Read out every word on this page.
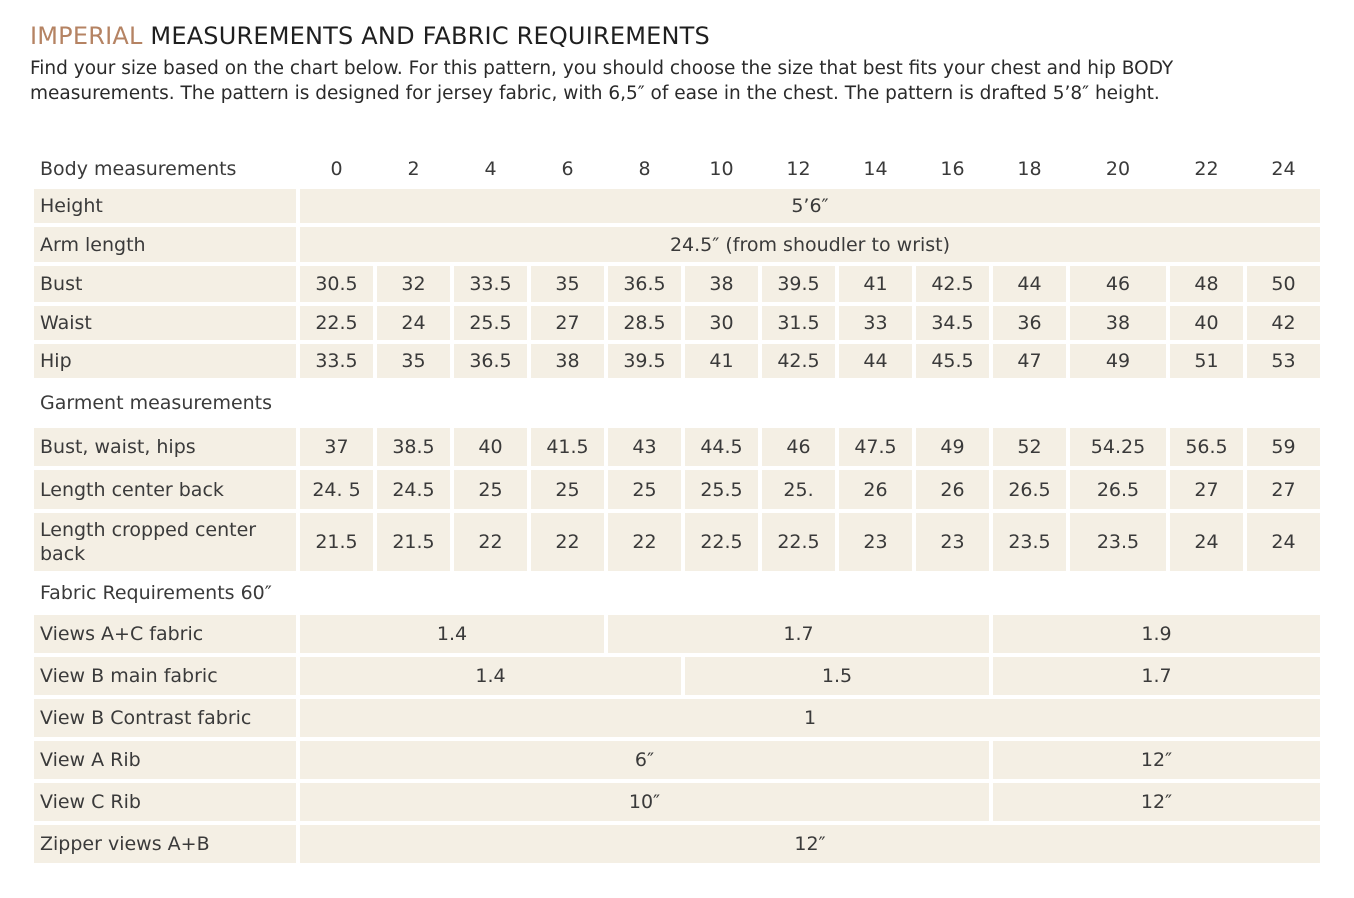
IMPERIAL MEASUREMENTS AND FABRIC REQUIREMENTS
Find your size based on the chart below. For this pattern, you should choose the size that best fits your chest and hip BODY measurements. The pattern is designed for jersey fabric, with 6,5″ of ease in the chest. The pattern is drafted 5’8″ height.
Body measurements	0	2	4	6	8	10	12	14	16	18	20	22	24
Height	5’6″												
Arm length	24.5″ (from shoudler to wrist)												
Bust	30.5	32	33.5	35	36.5	38	39.5	41	42.5	44	46	48	50
Waist	22.5	24	25.5	27	28.5	30	31.5	33	34.5	36	38	40	42
Hip	33.5	35	36.5	38	39.5	41	42.5	44	45.5	47	49	51	53
Garment measurements													
Bust, waist, hips	37	38.5	40	41.5	43	44.5	46	47.5	49	52	54.25	56.5	59
Length center back	24. 5	24.5	25	25	25	25.5	25.	26	26	26.5	26.5	27	27
Length cropped center back	21.5	21.5	22	22	22	22.5	22.5	23	23	23.5	23.5	24	24
Fabric Requirements 60″													
Views A+C fabric	1.4				1.7					1.9			
View B main fabric	1.4					1.5				1.7			
View B Contrast fabric	1												
View A Rib	6″									12″			
View C Rib	10″									12″			
Zipper views A+B	12″												
